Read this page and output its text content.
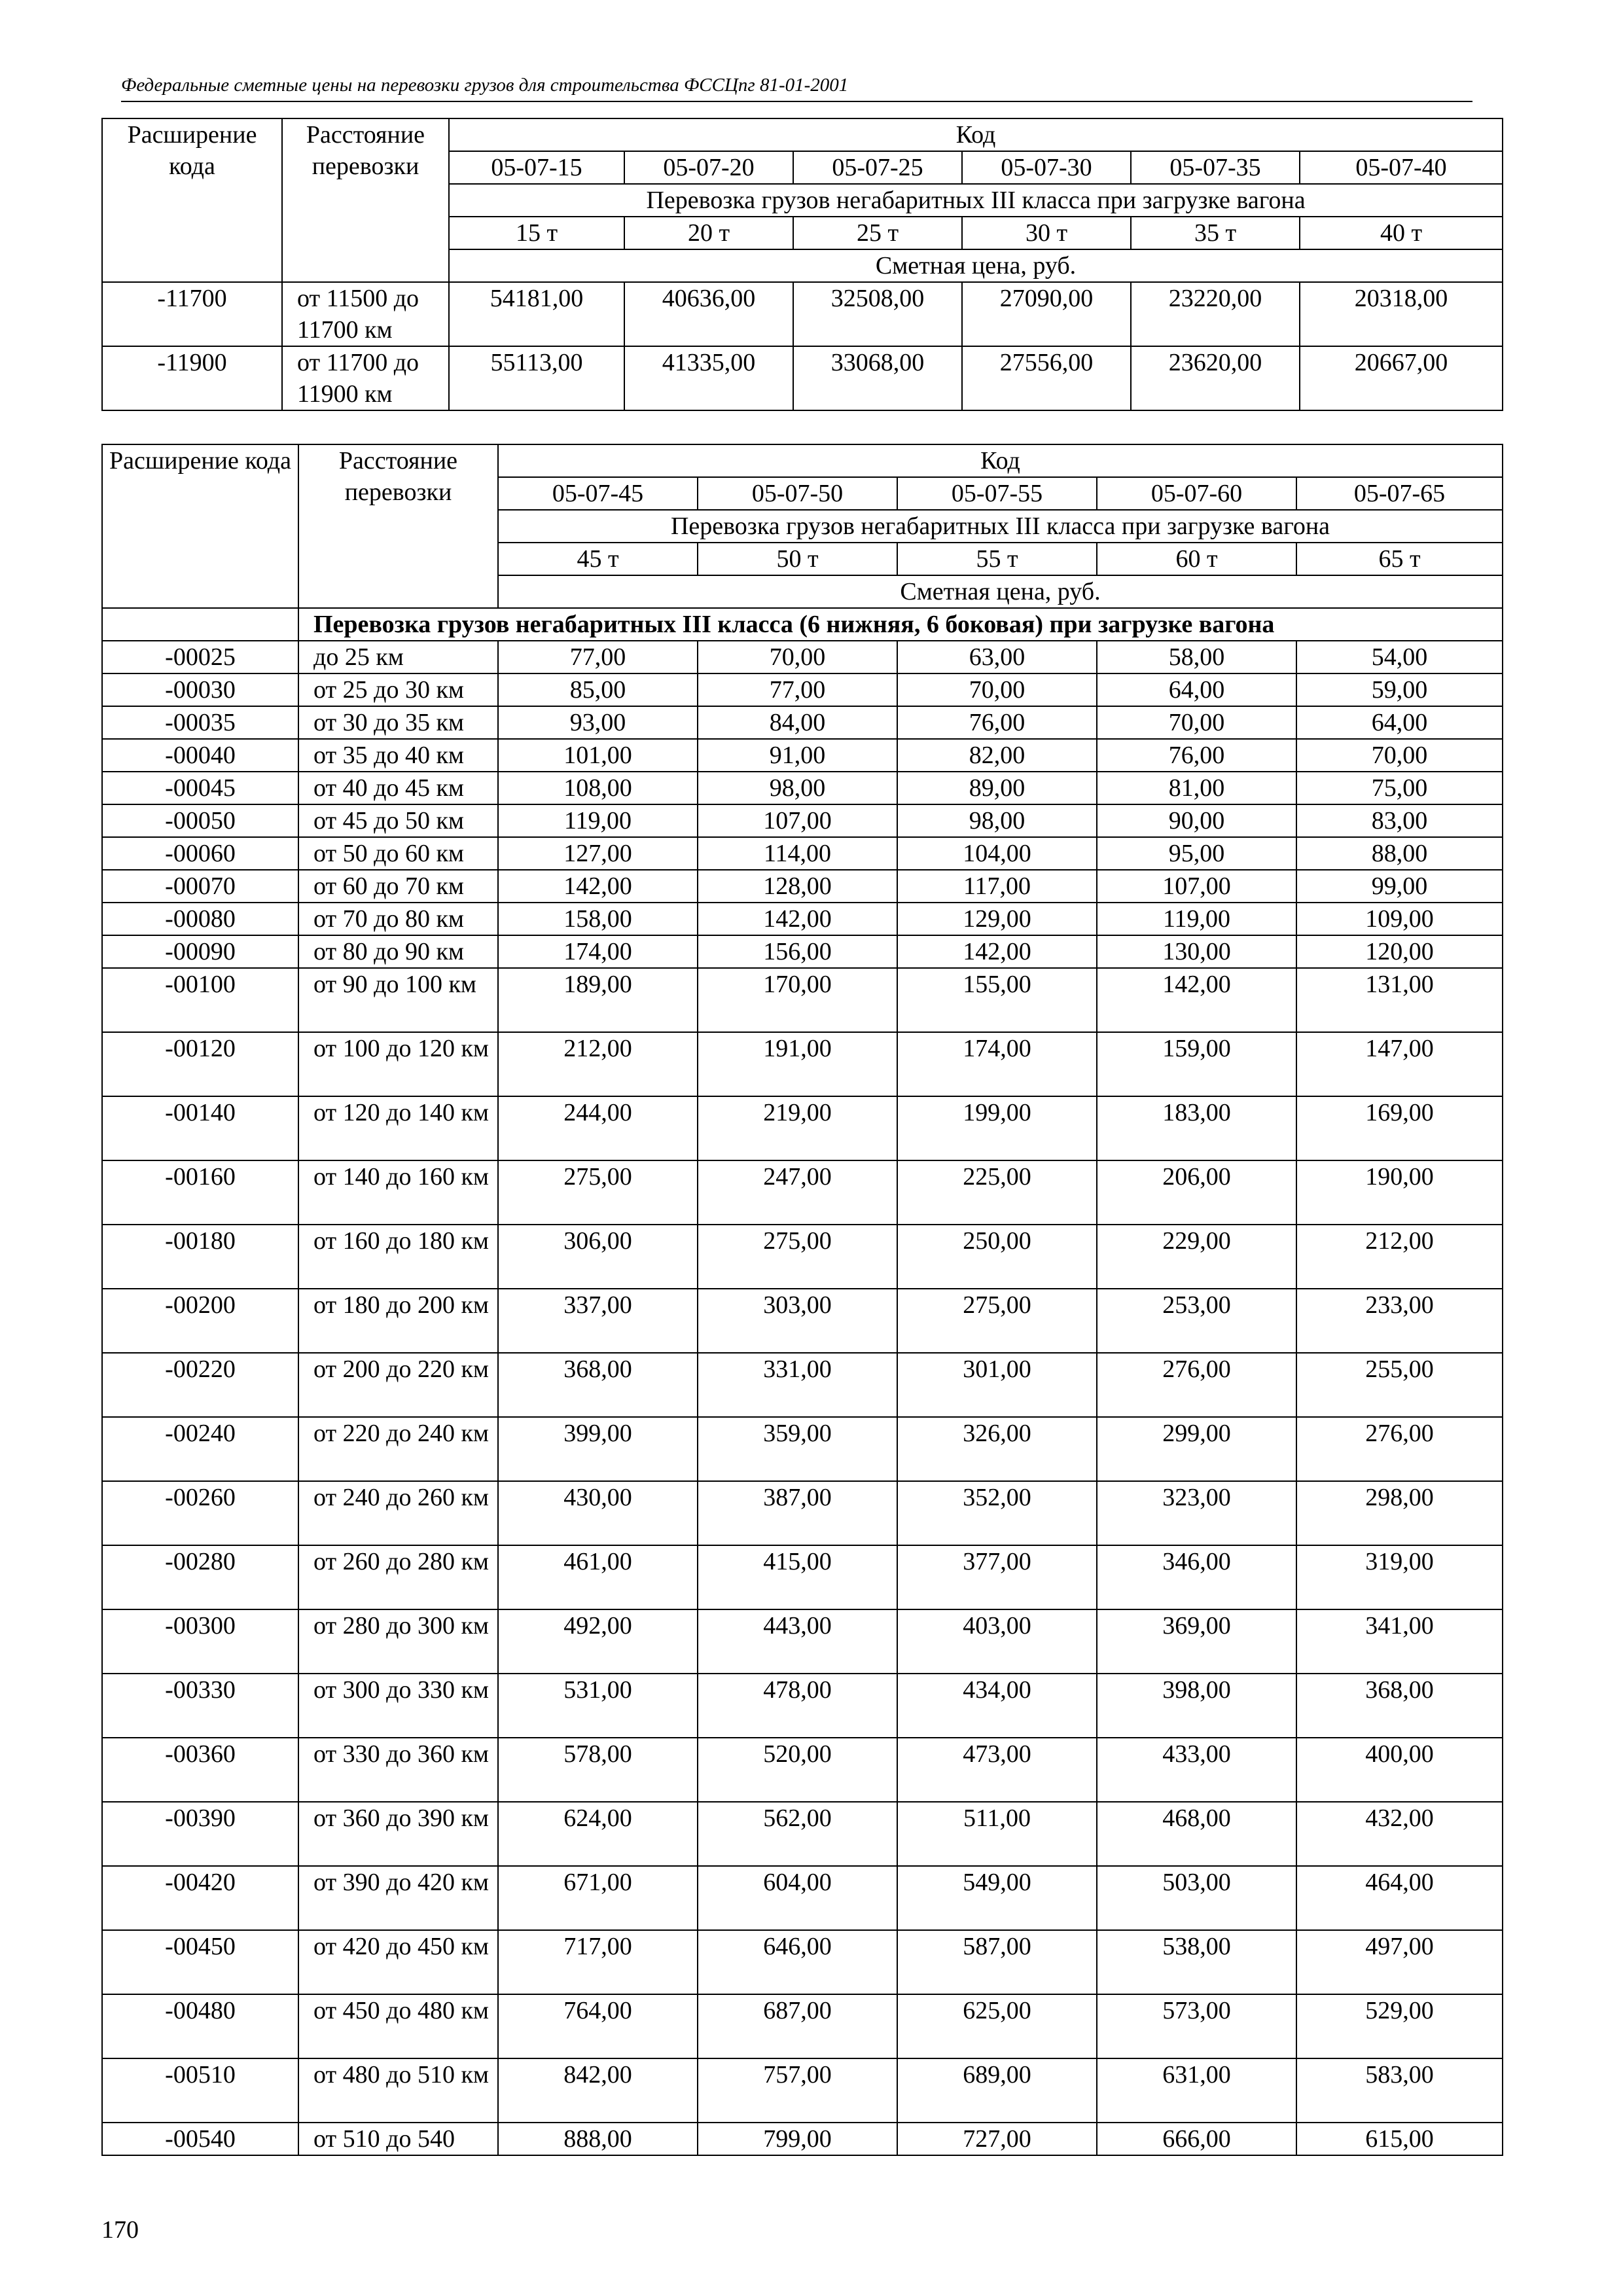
Федеральные сметные цены на перевозки грузов для строительства ФССЦпг 81-01-2001
Расширение кода	Расстояние перевозки	Код					
		05-07-15	05-07-20	05-07-25	05-07-30	05-07-35	05-07-40
		Перевозка грузов негабаритных III класса при загрузке вагона					
		15 т	20 т	25 т	30 т	35 т	40 т
		Сметная цена, руб.					
-11700	от 11500 до 11700 км	54181,00	40636,00	32508,00	27090,00	23220,00	20318,00
-11900	от 11700 до 11900 км	55113,00	41335,00	33068,00	27556,00	23620,00	20667,00
Расширение кода	Расстояние перевозки	Код				
		05-07-45	05-07-50	05-07-55	05-07-60	05-07-65
		Перевозка грузов негабаритных III класса при загрузке вагона				
		45 т	50 т	55 т	60 т	65 т
		Сметная цена, руб.				
	Перевозка грузов негабаритных III класса (6 нижняя, 6 боковая) при загрузке вагона					
-00025	до 25 км	77,00	70,00	63,00	58,00	54,00
-00030	от 25 до 30 км	85,00	77,00	70,00	64,00	59,00
-00035	от 30 до 35 км	93,00	84,00	76,00	70,00	64,00
-00040	от 35 до 40 км	101,00	91,00	82,00	76,00	70,00
-00045	от 40 до 45 км	108,00	98,00	89,00	81,00	75,00
-00050	от 45 до 50 км	119,00	107,00	98,00	90,00	83,00
-00060	от 50 до 60 км	127,00	114,00	104,00	95,00	88,00
-00070	от 60 до 70 км	142,00	128,00	117,00	107,00	99,00
-00080	от 70 до 80 км	158,00	142,00	129,00	119,00	109,00
-00090	от 80 до 90 км	174,00	156,00	142,00	130,00	120,00
-00100	от 90 до 100 км	189,00	170,00	155,00	142,00	131,00
-00120	от 100 до 120 км	212,00	191,00	174,00	159,00	147,00
-00140	от 120 до 140 км	244,00	219,00	199,00	183,00	169,00
-00160	от 140 до 160 км	275,00	247,00	225,00	206,00	190,00
-00180	от 160 до 180 км	306,00	275,00	250,00	229,00	212,00
-00200	от 180 до 200 км	337,00	303,00	275,00	253,00	233,00
-00220	от 200 до 220 км	368,00	331,00	301,00	276,00	255,00
-00240	от 220 до 240 км	399,00	359,00	326,00	299,00	276,00
-00260	от 240 до 260 км	430,00	387,00	352,00	323,00	298,00
-00280	от 260 до 280 км	461,00	415,00	377,00	346,00	319,00
-00300	от 280 до 300 км	492,00	443,00	403,00	369,00	341,00
-00330	от 300 до 330 км	531,00	478,00	434,00	398,00	368,00
-00360	от 330 до 360 км	578,00	520,00	473,00	433,00	400,00
-00390	от 360 до 390 км	624,00	562,00	511,00	468,00	432,00
-00420	от 390 до 420 км	671,00	604,00	549,00	503,00	464,00
-00450	от 420 до 450 км	717,00	646,00	587,00	538,00	497,00
-00480	от 450 до 480 км	764,00	687,00	625,00	573,00	529,00
-00510	от 480 до 510 км	842,00	757,00	689,00	631,00	583,00
-00540	от 510 до 540	888,00	799,00	727,00	666,00	615,00
170
